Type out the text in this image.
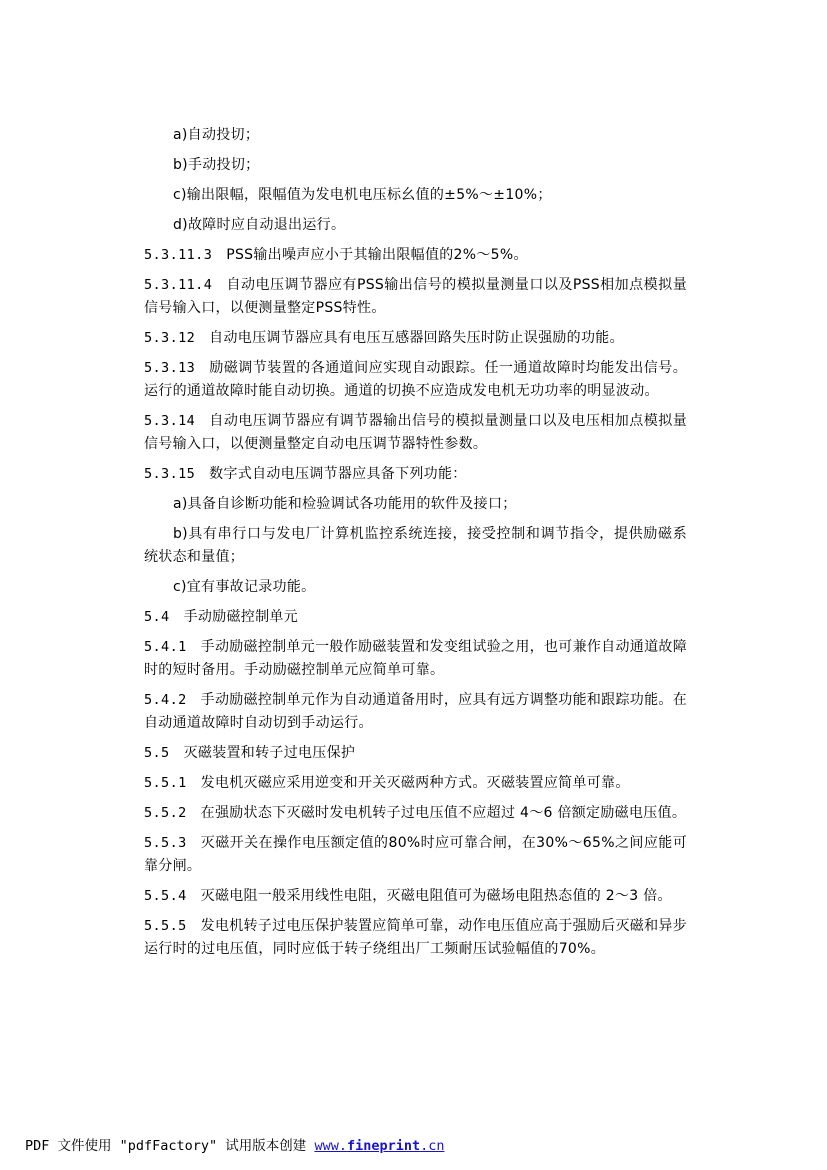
a)自动投切；

b)手动投切；

c)输出限幅，限幅值为发电机电压标幺值的±5%～±10%；

d)故障时应自动退出运行。

5.3.11.3 PSS输出噪声应小于其输出限幅值的2%～5%。

5.3.11.4 自动电压调节器应有PSS输出信号的模拟量测量口以及PSS相加点模拟量信号输入口，以便测量整定PSS特性。

5.3.12 自动电压调节器应具有电压互感器回路失压时防止误强励的功能。

5.3.13 励磁调节装置的各通道间应实现自动跟踪。任一通道故障时均能发出信号。运行的通道故障时能自动切换。通道的切换不应造成发电机无功功率的明显波动。

5.3.14 自动电压调节器应有调节器输出信号的模拟量测量口以及电压相加点模拟量信号输入口，以便测量整定自动电压调节器特性参数。

5.3.15 数字式自动电压调节器应具备下列功能：

a)具备自诊断功能和检验调试各功能用的软件及接口；

b)具有串行口与发电厂计算机监控系统连接，接受控制和调节指令，提供励磁系统状态和量值；

c)宜有事故记录功能。

5.4 手动励磁控制单元

5.4.1 手动励磁控制单元一般作励磁装置和发变组试验之用，也可兼作自动通道故障时的短时备用。手动励磁控制单元应简单可靠。

5.4.2 手动励磁控制单元作为自动通道备用时，应具有远方调整功能和跟踪功能。在自动通道故障时自动切到手动运行。

5.5 灭磁装置和转子过电压保护

5.5.1 发电机灭磁应采用逆变和开关灭磁两种方式。灭磁装置应简单可靠。

5.5.2 在强励状态下灭磁时发电机转子过电压值不应超过 4～6 倍额定励磁电压值。

5.5.3 灭磁开关在操作电压额定值的80%时应可靠合闸，在30%～65%之间应能可靠分闸。

5.5.4 灭磁电阻一般采用线性电阻，灭磁电阻值可为磁场电阻热态值的 2～3 倍。

5.5.5 发电机转子过电压保护装置应简单可靠，动作电压值应高于强励后灭磁和异步运行时的过电压值，同时应低于转子绕组出厂工频耐压试验幅值的70%。

PDF 文件使用 "pdfFactory" 试用版本创建 www.fineprint.cn
